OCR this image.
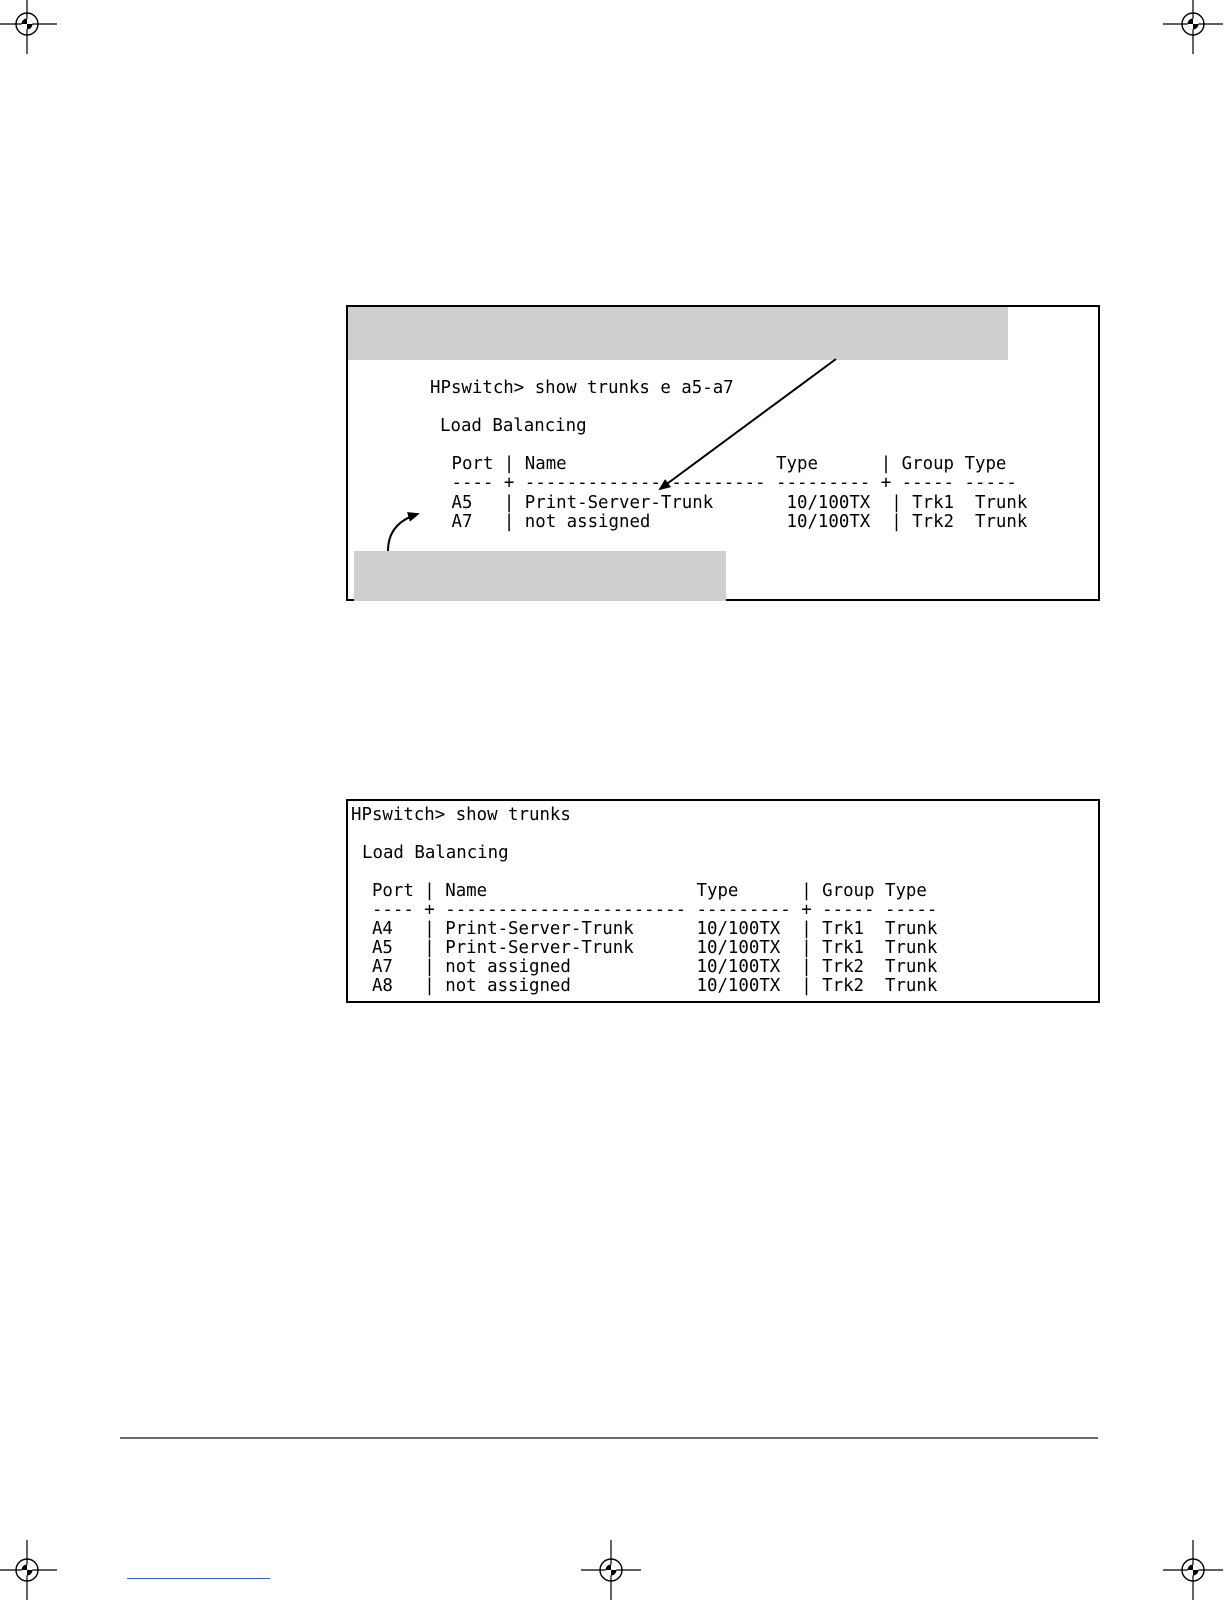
HPswitch> show trunks e a5-a7
Load Balancing
Port | Name                    Type      | Group Type
---- + ----------------------- --------- + ----- -----
A5   | Print-Server-Trunk       10/100TX  | Trk1  Trunk
A7   | not assigned             10/100TX  | Trk2  Trunk
HPswitch> show trunks
Load Balancing
Port | Name                    Type      | Group Type
---- + ----------------------- --------- + ----- -----
A4   | Print-Server-Trunk      10/100TX  | Trk1  Trunk
A5   | Print-Server-Trunk      10/100TX  | Trk1  Trunk
A7   | not assigned            10/100TX  | Trk2  Trunk
A8   | not assigned            10/100TX  | Trk2  Trunk
